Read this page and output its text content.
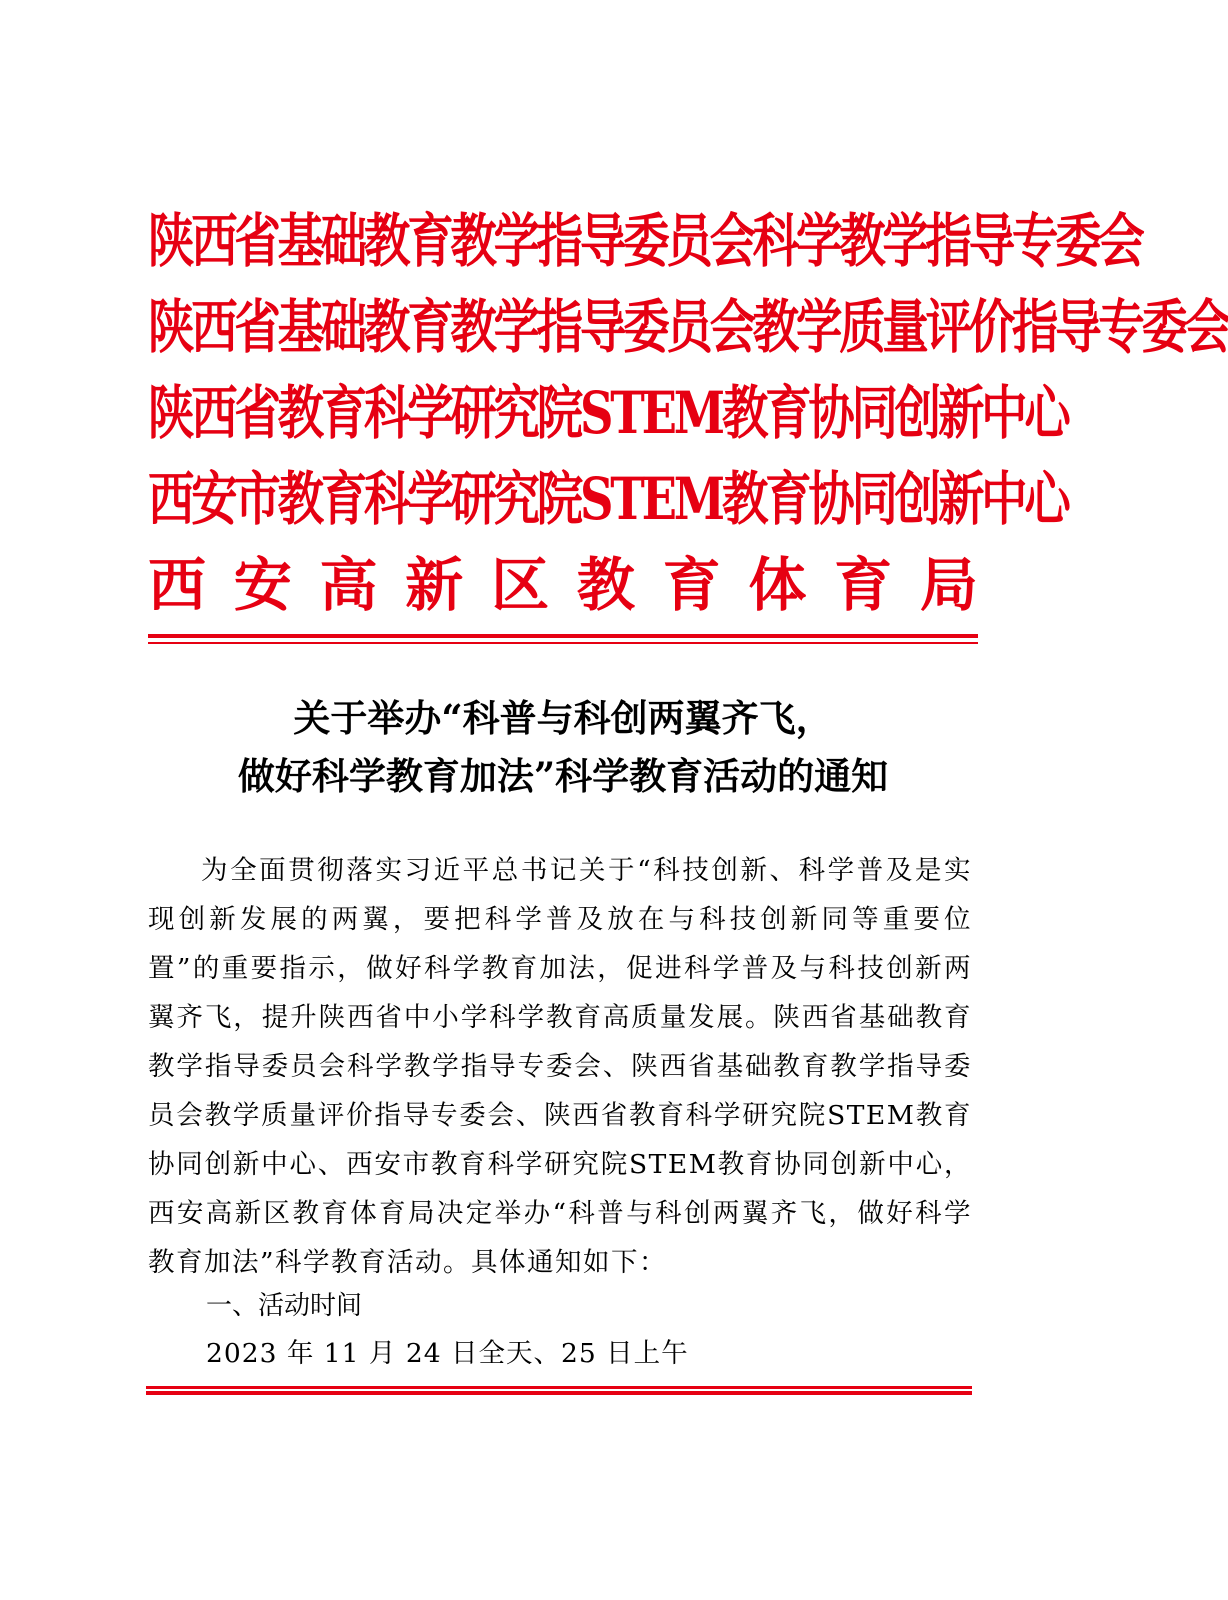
陕西省基础教育教学指导委员会科学教学指导专委会
陕西省基础教育教学指导委员会教学质量评价指导专委会
陕西省教育科学研究院STEM教育协同创新中心
西安市教育科学研究院STEM教育协同创新中心
西 安 高 新 区 教 育 体 育 局
关于举办“科普与科创两翼齐飞，
做好科学教育加法”科学教育活动的通知
为全面贯彻落实习近平总书记关于“科技创新、科学普及是实现创新发展的两翼，要把科学普及放在与科技创新同等重要位置”的重要指示，做好科学教育加法，促进科学普及与科技创新两翼齐飞，提升陕西省中小学科学教育高质量发展。陕西省基础教育教学指导委员会科学教学指导专委会、陕西省基础教育教学指导委员会教学质量评价指导专委会、陕西省教育科学研究院STEM教育协同创新中心、西安市教育科学研究院STEM教育协同创新中心，西安高新区教育体育局决定举办“科普与科创两翼齐飞，做好科学教育加法”科学教育活动。具体通知如下：
一、活动时间
2023 年 11 月 24 日全天、25 日上午
